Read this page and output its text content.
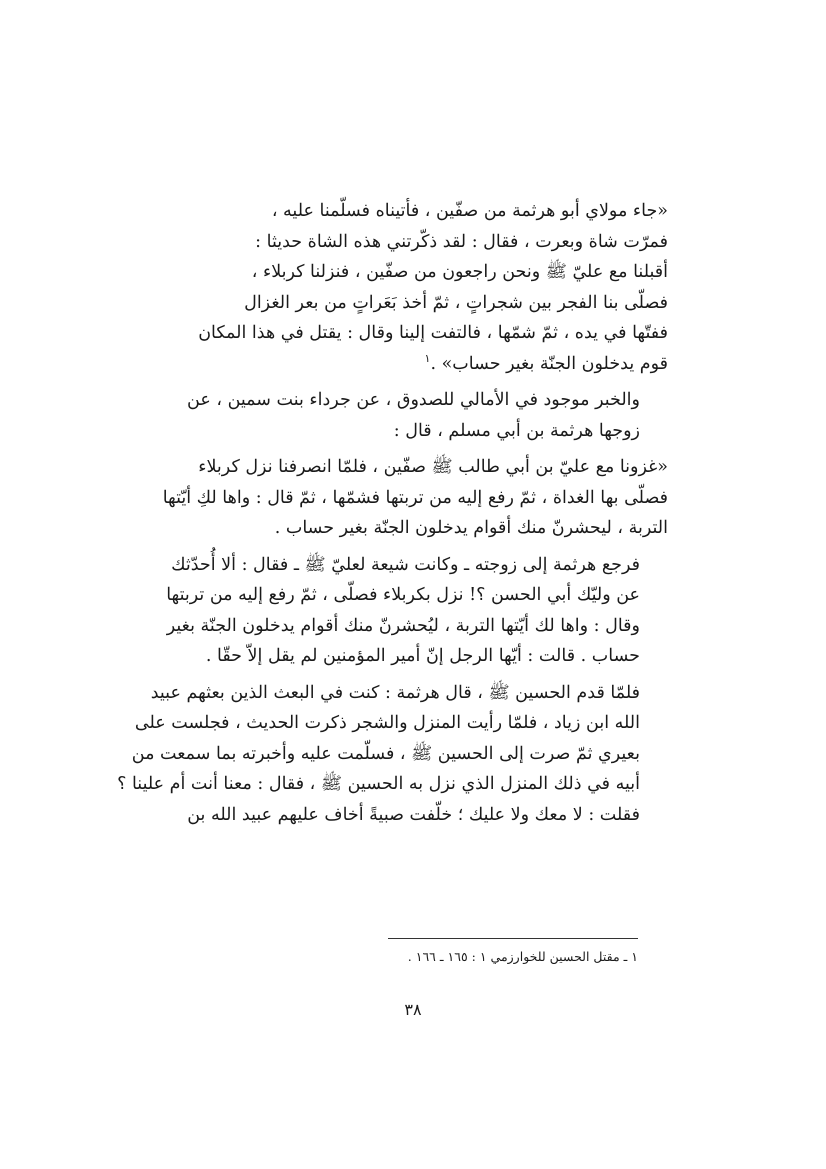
«جاء مولاي أبو هرثمة من صفّين ، فأتيناه فسلّمنا عليه ،
فمرّت شاة وبعرت ، فقال : لقد ذكّرتني هذه الشاة حديثا :
أقبلنا مع عليّ ﷺ ونحن راجعون من صفّين ، فنزلنا كربلاء ،
فصلّى بنا الفجر بين شجراتٍ ، ثمّ أخذ بَعَراتٍ من بعر الغزال
ففتّها في يده ، ثمّ شمّها ، فالتفت إلينا وقال : يقتل في هذا المكان
قوم يدخلون الجنّة بغير حساب» .$^١$

والخبر موجود في الأمالي للصدوق ، عن جرداء بنت سمين ، عن
زوجها هرثمة بن أبي مسلم ، قال :

«غزونا مع عليّ بن أبي طالب ﷺ صفّين ، فلمّا انصرفنا نزل كربلاء
فصلّى بها الغداة ، ثمّ رفع إليه من تربتها فشمّها ، ثمّ قال : واها لكِ أيّتها
التربة ، ليحشرنّ منك أقوام يدخلون الجنّة بغير حساب .

فرجع هرثمة إلى زوجته ـ وكانت شيعة لعليّ ﷺ ـ فقال : ألا أُحدّثك
عن وليّك أبي الحسن ؟! نزل بكربلاء فصلّى ، ثمّ رفع إليه من تربتها
وقال : واها لك أيّتها التربة ، ليُحشرنّ منك أقوام يدخلون الجنّة بغير
حساب . قالت : أيّها الرجل إنّ أمير المؤمنين لم يقل إلاّ حقّا .

فلمّا قدم الحسين ﷺ ، قال هرثمة : كنت في البعث الذين بعثهم عبيد
الله ابن زياد ، فلمّا رأيت المنزل والشجر ذكرت الحديث ، فجلست على
بعيري ثمّ صرت إلى الحسين ﷺ ، فسلّمت عليه وأخبرته بما سمعت من
أبيه في ذلك المنزل الذي نزل به الحسين ﷺ ، فقال : معنا أنت أم علينا ؟
فقلت : لا معك ولا عليك ؛ خلّفت صبيةً أخاف عليهم عبيد الله بن

١ ـ مقتل الحسين للخوارزمي ١ : ١٦٥ ـ ١٦٦ .
٣٨
